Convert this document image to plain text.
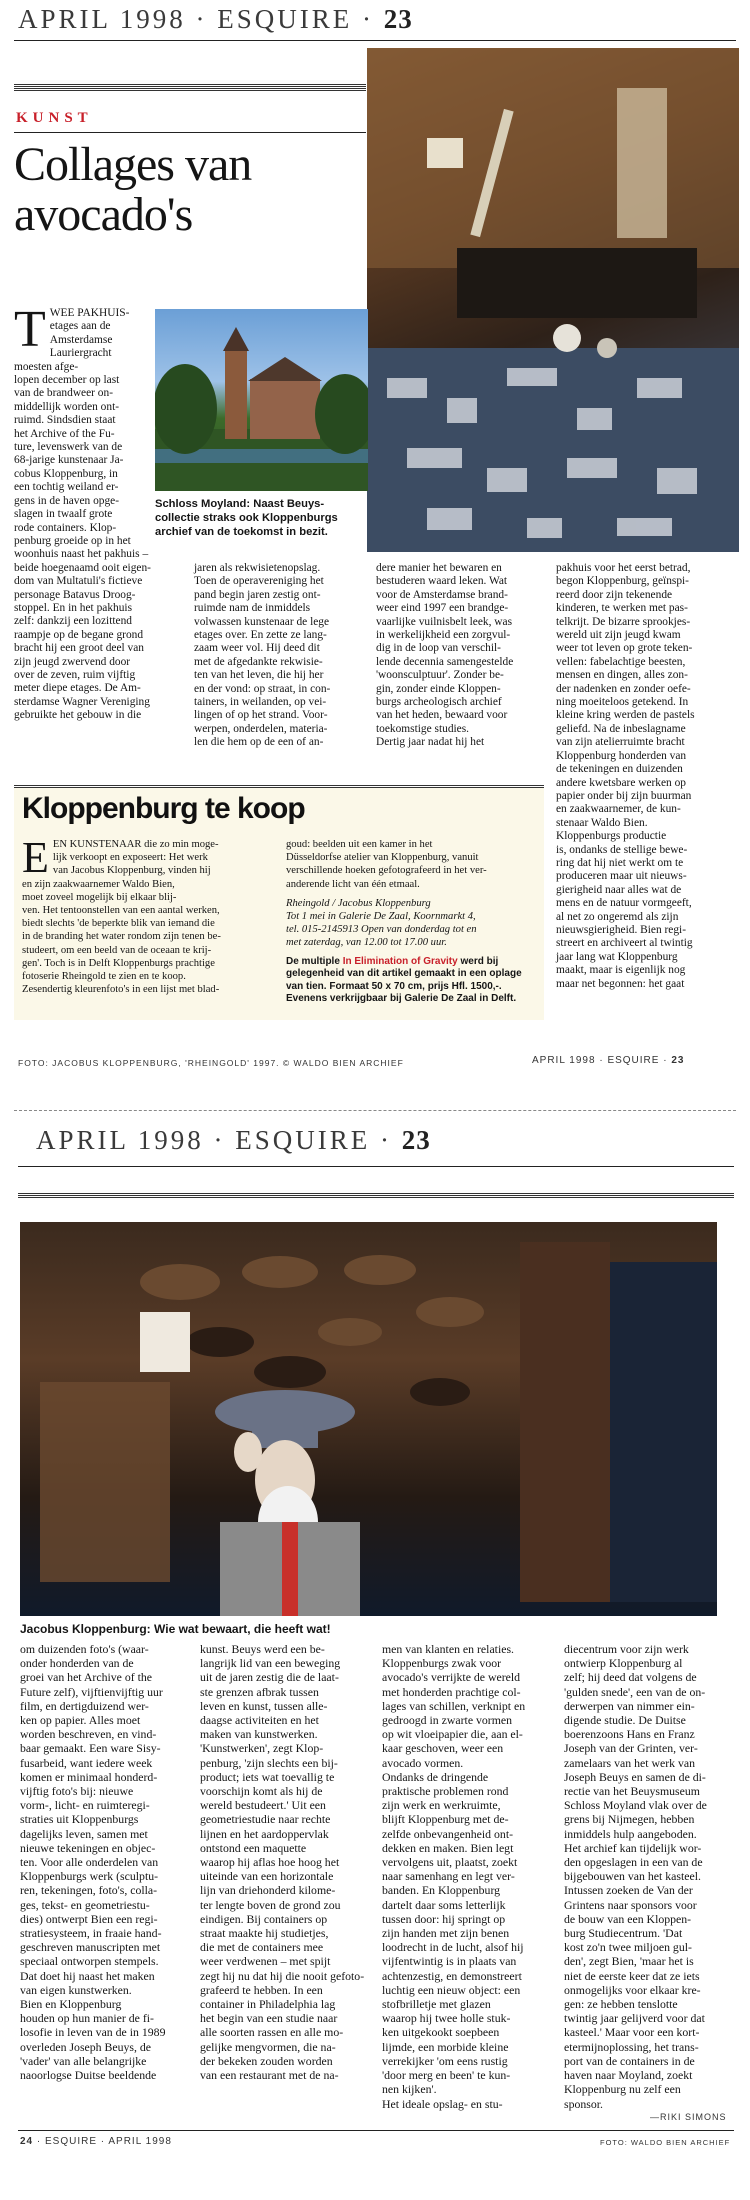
APRIL 1998 · ESQUIRE · 23
KUNST
Collages van
avocado's
Schloss Moyland: Naast Beuys-collectie straks ook Kloppenburgs archief van de toekomst in bezit.
T WEE PAKHUIS-
etages aan de
Amsterdamse
Lauriergracht
moesten afge-
lopen december op last
van de brandweer on-
middellijk worden ont-
ruimd. Sindsdien staat
het Archive of the Fu-
ture, levenswerk van de
68-jarige kunstenaar Ja-
cobus Kloppenburg, in
een tochtig weiland er-
gens in de haven opge-
slagen in twaalf grote
rode containers. Klop-
penburg groeide op in het
woonhuis naast het pakhuis –
beide hoegenaamd ooit eigen-
dom van Multatuli's fictieve
personage Batavus Droog-
stoppel. En in het pakhuis
zelf: dankzij een lozittend
raampje op de begane grond
bracht hij een groot deel van
zijn jeugd zwervend door
over de zeven, ruim vijftig
meter diepe etages. De Am-
sterdamse Wagner Vereniging
gebruikte het gebouw in die
jaren als rekwisietenopslag.
Toen de operavereniging het
pand begin jaren zestig ont-
ruimde nam de inmiddels
volwassen kunstenaar de lege
etages over. En zette ze lang-
zaam weer vol. Hij deed dit
met de afgedankte rekwisie-
ten van het leven, die hij her
en der vond: op straat, in con-
tainers, in weilanden, op vei-
lingen of op het strand. Voor-
werpen, onderdelen, materia-
len die hem op de een of an-
dere manier het bewaren en
bestuderen waard leken. Wat
voor de Amsterdamse brand-
weer eind 1997 een brandge-
vaarlijke vuilnisbelt leek, was
in werkelijkheid een zorgvul-
dig in de loop van verschil-
lende decennia samengestelde
'woonsculptuur'. Zonder be-
gin, zonder einde Kloppen-
burgs archeologisch archief
van het heden, bewaard voor
toekomstige studies.
Dertig jaar nadat hij het
pakhuis voor het eerst betrad,
begon Kloppenburg, geïnspi-
reerd door zijn tekenende
kinderen, te werken met pas-
telkrijt. De bizarre sprookjes-
wereld uit zijn jeugd kwam
weer tot leven op grote teken-
vellen: fabelachtige beesten,
mensen en dingen, alles zon-
der nadenken en zonder oefe-
ning moeiteloos getekend. In
kleine kring werden de pastels
geliefd. Na de inbeslagname
van zijn atelierruimte bracht
Kloppenburg honderden van
de tekeningen en duizenden
andere kwetsbare werken op
papier onder bij zijn buurman
en zaakwaarnemer, de kun-
stenaar Waldo Bien.
Kloppenburgs productie
is, ondanks de stellige bewe-
ring dat hij niet werkt om te
produceren maar uit nieuws-
gierigheid naar alles wat de
mens en de natuur vormgeeft,
al net zo ongeremd als zijn
nieuwsgierigheid. Bien regi-
streert en archiveert al twintig
jaar lang wat Kloppenburg
maakt, maar is eigenlijk nog
maar net begonnen: het gaat
Kloppenburg te koop
E EN KUNSTENAAR die zo min moge-
lijk verkoopt en exposeert: Het werk
van Jacobus Kloppenburg, vinden hij
en zijn zaakwaarnemer Waldo Bien,
moet zoveel mogelijk bij elkaar blij-
ven. Het tentoonstellen van een aantal werken,
biedt slechts 'de beperkte blik van iemand die
in de branding het water rondom zijn tenen be-
studeert, om een beeld van de oceaan te krij-
gen'. Toch is in Delft Kloppenburgs prachtige
fotoserie Rheingold te zien en te koop.
Zesendertig kleurenfoto's in een lijst met blad-
goud: beelden uit een kamer in het
Düsseldorfse atelier van Kloppenburg, vanuit
verschillende hoeken gefotografeerd in het ver-
anderende licht van één etmaal.
Rheingold / Jacobus Kloppenburg
Tot 1 mei in Galerie De Zaal, Koornmarkt 4,
tel. 015-2145913 Open van donderdag tot en
met zaterdag, van 12.00 tot 17.00 uur.
De multiple In Elimination of Gravity werd bij gelegenheid van dit artikel gemaakt in een oplage van tien. Formaat 50 x 70 cm, prijs Hfl. 1500,-. Evenens verkrijgbaar bij Galerie De Zaal in Delft.
FOTO: JACOBUS KLOPPENBURG, 'RHEINGOLD' 1997. © WALDO BIEN ARCHIEF	APRIL 1998 · ESQUIRE · 23
APRIL 1998 · ESQUIRE · 23
Jacobus Kloppenburg: Wie wat bewaart, die heeft wat!
om duizenden foto's (waar-
onder honderden van de
groei van het Archive of the
Future zelf), vijftienvijftig uur
film, en dertigduizend wer-
ken op papier. Alles moet
worden beschreven, en vind-
baar gemaakt. Een ware Sisy-
fusarbeid, want iedere week
komen er minimaal honderd-
vijftig foto's bij: nieuwe
vorm-, licht- en ruimteregi-
straties uit Kloppenburgs
dagelijks leven, samen met
nieuwe tekeningen en objec-
ten. Voor alle onderdelen van
Kloppenburgs werk (sculptu-
ren, tekeningen, foto's, colla-
ges, tekst- en geometriestu-
dies) ontwerpt Bien een regi-
stratiesysteem, in fraaie hand-
geschreven manuscripten met
speciaal ontworpen stempels.
Dat doet hij naast het maken
van eigen kunstwerken.
Bien en Kloppenburg
houden op hun manier de fi-
losofie in leven van de in 1989
overleden Joseph Beuys, de
'vader' van alle belangrijke
naoorlogse Duitse beeldende
kunst. Beuys werd een be-
langrijk lid van een beweging
uit de jaren zestig die de laat-
ste grenzen afbrak tussen
leven en kunst, tussen alle-
daagse activiteiten en het
maken van kunstwerken.
'Kunstwerken', zegt Klop-
penburg, 'zijn slechts een bij-
product; iets wat toevallig te
voorschijn komt als hij de
wereld bestudeert.' Uit een
geometriestudie naar rechte
lijnen en het aardoppervlak
ontstond een maquette
waarop hij aflas hoe hoog het
uiteinde van een horizontale
lijn van driehonderd kilome-
ter lengte boven de grond zou
eindigen. Bij containers op
straat maakte hij studietjes,
die met de containers mee
weer verdwenen – met spijt
zegt hij nu dat hij die nooit gefoto-
grafeerd te hebben. In een
container in Philadelphia lag
het begin van een studie naar
alle soorten rassen en alle mo-
gelijke mengvormen, die na-
der bekeken zouden worden
van een restaurant met de na-
men van klanten en relaties.
Kloppenburgs zwak voor
avocado's verrijkte de wereld
met honderden prachtige col-
lages van schillen, verknipt en
gedroogd in zwarte vormen
op wit vloeipapier die, aan el-
kaar geschoven, weer een
avocado vormen.
Ondanks de dringende
praktische problemen rond
zijn werk en werkruimte,
blijft Kloppenburg met de-
zelfde onbevangenheid ont-
dekken en maken. Bien legt
vervolgens uit, plaatst, zoekt
naar samenhang en legt ver-
banden. En Kloppenburg
dartelt daar soms letterlijk
tussen door: hij springt op
zijn handen met zijn benen
loodrecht in de lucht, alsof hij
vijfentwintig is in plaats van
achtenzestig, en demonstreert
luchtig een nieuw object: een
stofbrilletje met glazen
waarop hij twee holle stuk-
ken uitgekookt soepbeen
lijmde, een morbide kleine
verrekijker 'om eens rustig
'door merg en been' te kun-
nen kijken'.
Het ideale opslag- en stu-
diecentrum voor zijn werk
ontwierp Kloppenburg al
zelf; hij deed dat volgens de
'gulden snede', een van de on-
derwerpen van nimmer ein-
digende studie. De Duitse
boerenzoons Hans en Franz
Joseph van der Grinten, ver-
zamelaars van het werk van
Joseph Beuys en samen de di-
rectie van het Beuysmuseum
Schloss Moyland vlak over de
grens bij Nijmegen, hebben
inmiddels hulp aangeboden.
Het archief kan tijdelijk wor-
den opgeslagen in een van de
bijgebouwen van het kasteel.
Intussen zoeken de Van der
Grintens naar sponsors voor
de bouw van een Kloppen-
burg Studiecentrum. 'Dat
kost zo'n twee miljoen gul-
den', zegt Bien, 'maar het is
niet de eerste keer dat ze iets
onmogelijks voor elkaar kre-
gen: ze hebben tenslotte
twintig jaar gelijverd voor dat
kasteel.' Maar voor een kort-
etermijnoplossing, het trans-
port van de containers in de
haven naar Moyland, zoekt
Kloppenburg nu zelf een
sponsor.
—RIKI SIMONS
24 · ESQUIRE · APRIL 1998	FOTO: WALDO BIEN ARCHIEF
